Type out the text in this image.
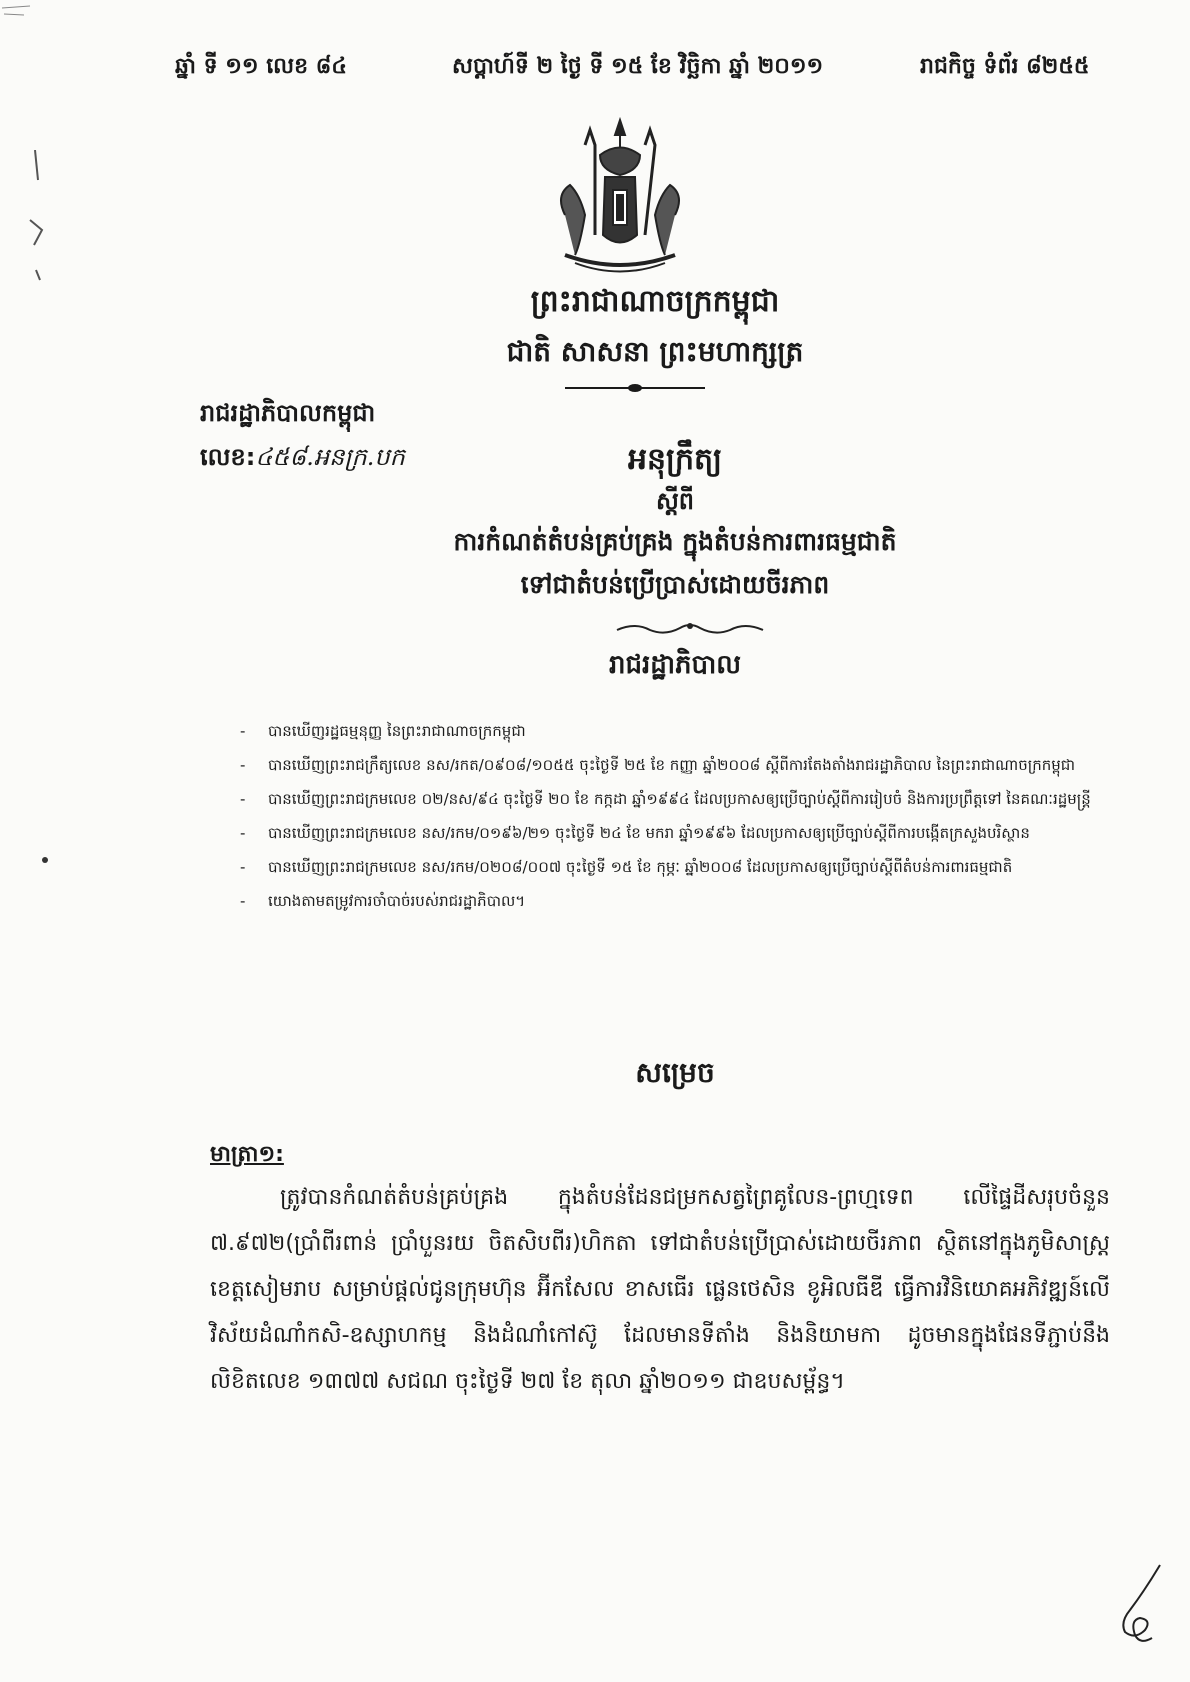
ឆ្នាំ ទី ១១ លេខ ៨៤	សប្តាហ៍ទី ២ ថ្ងៃ ទី ១៥ ខែ វិច្ឆិកា ឆ្នាំ ២០១១	រាជកិច្ច ទំព័រ ៨២៥៥
ព្រះរាជាណាចក្រកម្ពុជា
ជាតិ សាសនា ព្រះមហាក្សត្រ
រាជរដ្ឋាភិបាលកម្ពុជា
លេខ:៤៥៨.អនក្រ.បក	អនុក្រឹត្យ
ស្តីពី
ការកំណត់តំបន់គ្រប់គ្រង ក្នុងតំបន់ការពារធម្មជាតិ
ទៅជាតំបន់ប្រើប្រាស់ដោយចីរភាព
រាជរដ្ឋាភិបាល
- បានឃើញរដ្ឋធម្មនុញ្ញ នៃព្រះរាជាណាចក្រកម្ពុជា
- បានឃើញព្រះរាជក្រឹត្យលេខ នស/រកត/០៩០៨/១០៥៥ ចុះថ្ងៃទី ២៥ ខែ កញ្ញា ឆ្នាំ២០០៨ ស្តីពីការតែងតាំងរាជរដ្ឋាភិបាល នៃព្រះរាជាណាចក្រកម្ពុជា
- បានឃើញព្រះរាជក្រមលេខ ០២/នស/៩៤ ចុះថ្ងៃទី ២០ ខែ កក្កដា ឆ្នាំ១៩៩៤ ដែលប្រកាសឲ្យប្រើច្បាប់ស្តីពីការរៀបចំ និងការប្រព្រឹត្តទៅ នៃគណៈរដ្ឋមន្ត្រី
- បានឃើញព្រះរាជក្រមលេខ នស/រកម/០១៩៦/២១ ចុះថ្ងៃទី ២៤ ខែ មករា ឆ្នាំ១៩៩៦ ដែលប្រកាសឲ្យប្រើច្បាប់ស្តីពីការបង្កើតក្រសួងបរិស្ថាន
- បានឃើញព្រះរាជក្រមលេខ នស/រកម/០២០៨/០០៧ ចុះថ្ងៃទី ១៥ ខែ កុម្ភៈ ឆ្នាំ២០០៨ ដែលប្រកាសឲ្យប្រើច្បាប់ស្តីពីតំបន់ការពារធម្មជាតិ
- យោងតាមតម្រូវការចាំបាច់របស់រាជរដ្ឋាភិបាល។
សម្រេច
មាត្រា១:
ត្រូវបានកំណត់តំបន់គ្រប់គ្រង ក្នុងតំបន់ដែនជម្រកសត្វព្រៃគូលែន-ព្រហ្មទេព លើផ្ទៃដីសរុបចំនួន ៧.៩៧២(ប្រាំពីរពាន់ ប្រាំបួនរយ ចិតសិបពីរ)ហិកតា ទៅជាតំបន់ប្រើប្រាស់ដោយចីរភាព ស្ថិតនៅក្នុងភូមិសាស្ត្រខេត្តសៀមរាប សម្រាប់ផ្តល់ជូនក្រុមហ៊ុន អ៊ីកសែល ខាសធើរ ផ្លេនថេសិន ខូអិលធីឌី ធ្វើការវិនិយោគអភិវឌ្ឍន៍លើវិស័យដំណាំកសិ-ឧស្សាហកម្ម និងដំណាំកៅស៊ូ ដែលមានទីតាំង និងនិយាមកា ដូចមានក្នុងផែនទីភ្ជាប់នឹងលិខិតលេខ ១៣៧៧ សជណ ចុះថ្ងៃទី ២៧ ខែ តុលា ឆ្នាំ២០១១ ជាឧបសម្ព័ន្ធ។
